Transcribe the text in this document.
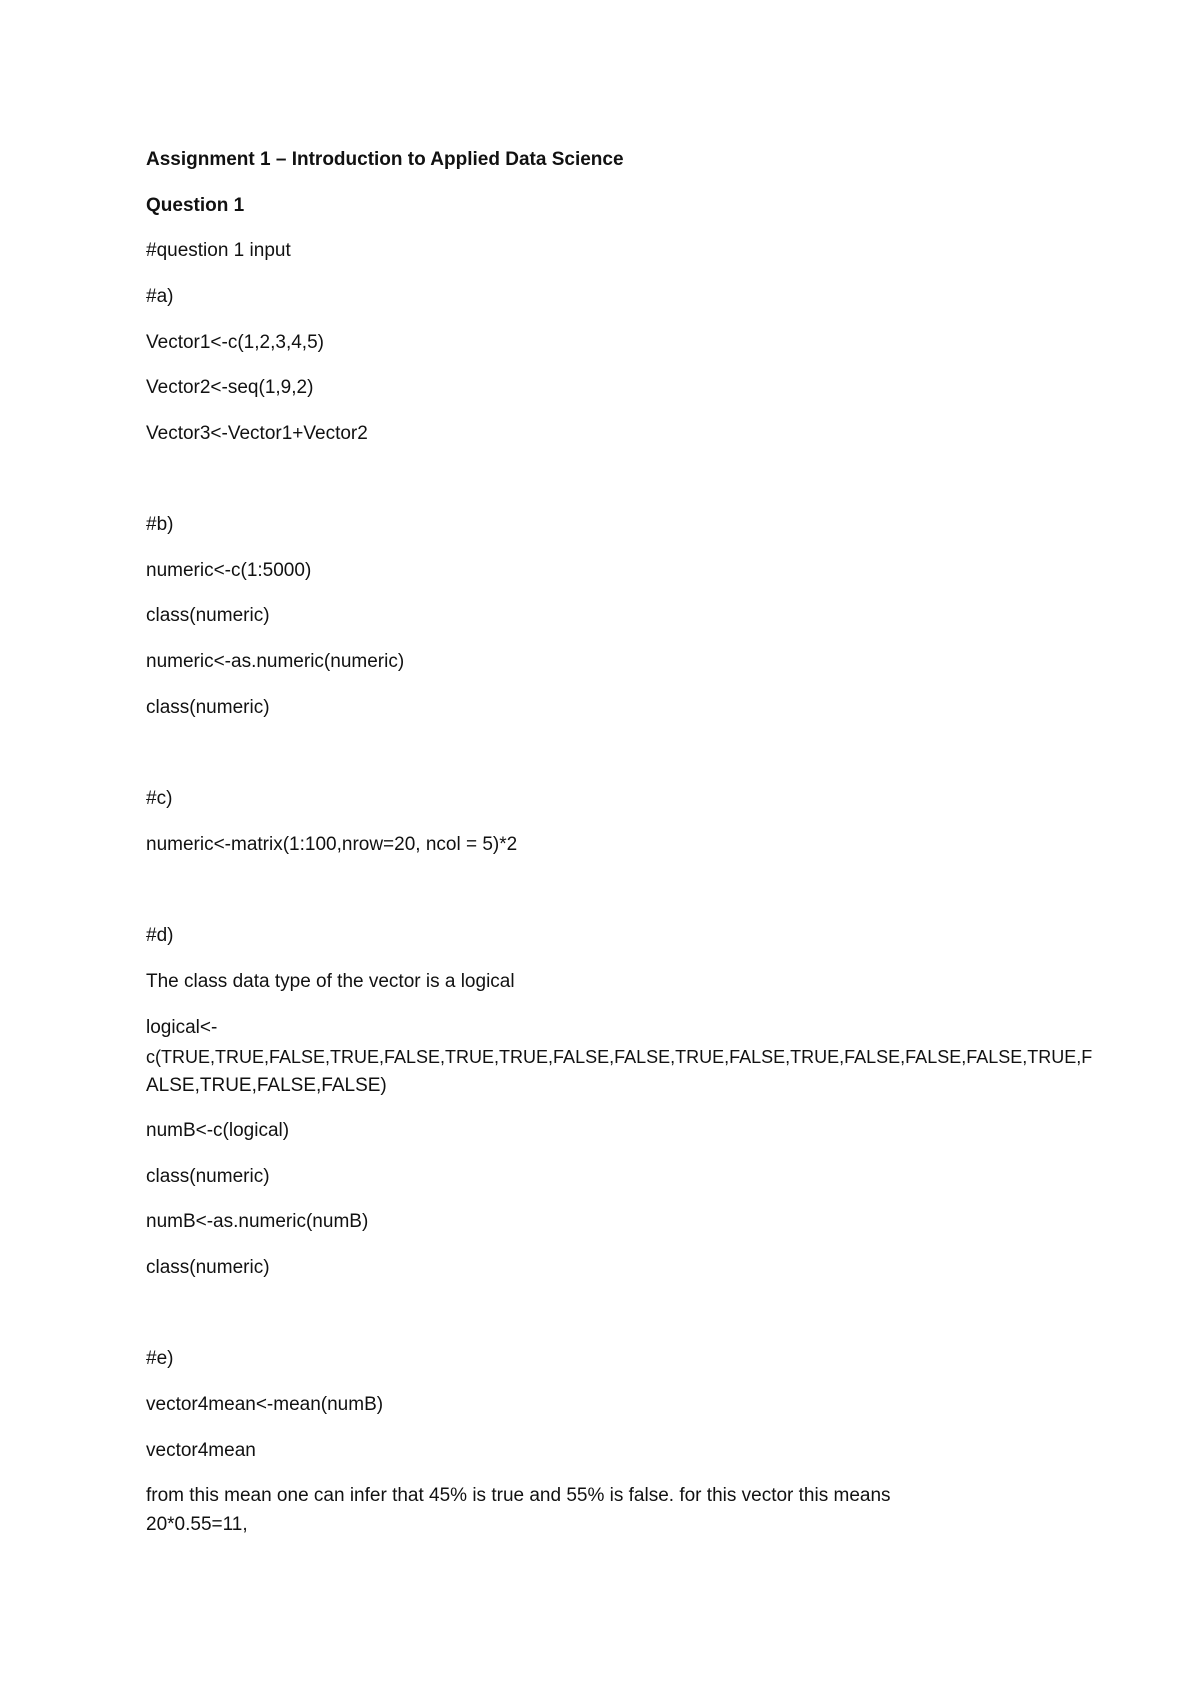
Assignment 1 – Introduction to Applied Data Science
Question 1
#question 1 input
#a)
Vector1<-c(1,2,3,4,5)
Vector2<-seq(1,9,2)
Vector3<-Vector1+Vector2
#b)
numeric<-c(1:5000)
class(numeric)
numeric<-as.numeric(numeric)
class(numeric)
#c)
numeric<-matrix(1:100,nrow=20, ncol = 5)*2
#d)
The class data type of the vector is a logical
logical<-
c(TRUE,TRUE,FALSE,TRUE,FALSE,TRUE,TRUE,FALSE,FALSE,TRUE,FALSE,TRUE,FALSE,FALSE,FALSE,TRUE,F
ALSE,TRUE,FALSE,FALSE)
numB<-c(logical)
class(numeric)
numB<-as.numeric(numB)
class(numeric)
#e)
vector4mean<-mean(numB)
vector4mean
from this mean one can infer that 45% is true and 55% is false. for this vector this means
20*0.55=11,
